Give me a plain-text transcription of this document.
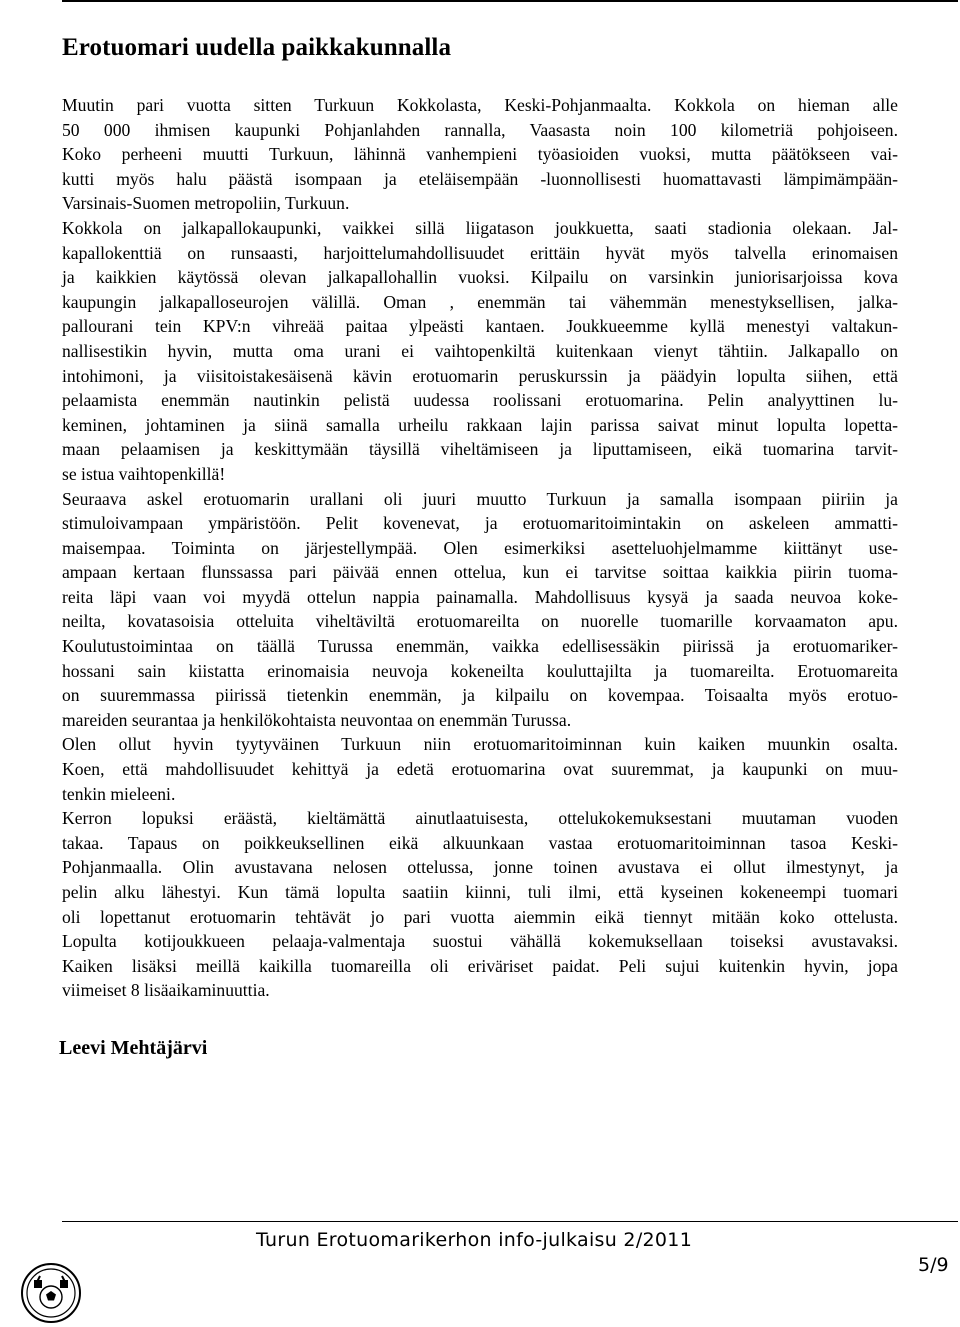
Erotuomari uudella paikkakunnalla
Muutin pari vuotta sitten Turkuun Kokkolasta, Keski-Pohjanmaalta. Kokkola on hieman alle
50 000 ihmisen kaupunki Pohjanlahden rannalla, Vaasasta noin 100 kilometriä pohjoiseen.
Koko perheeni muutti Turkuun, lähinnä vanhempieni työasioiden vuoksi, mutta päätökseen vai-
kutti myös halu päästä isompaan ja eteläisempään -luonnollisesti huomattavasti lämpimämpään-
Varsinais-Suomen metropoliin, Turkuun.
Kokkola on jalkapallokaupunki, vaikkei sillä liigatason joukkuetta, saati stadionia olekaan. Jal-
kapallokenttiä on runsaasti, harjoittelumahdollisuudet erittäin hyvät myös talvella erinomaisen
ja kaikkien käytössä olevan jalkapallohallin vuoksi. Kilpailu on varsinkin juniorisarjoissa kova
kaupungin jalkapalloseurojen välillä. Oman , enemmän tai vähemmän menestyksellisen, jalka-
pallourani tein KPV:n vihreää paitaa ylpeästi kantaen. Joukkueemme kyllä menestyi valtakun-
nallisestikin hyvin, mutta oma urani ei vaihtopenkiltä kuitenkaan vienyt tähtiin. Jalkapallo on
intohimoni, ja viisitoistakesäisenä kävin erotuomarin peruskurssin ja päädyin lopulta siihen, että
pelaamista enemmän nautinkin pelistä uudessa roolissani erotuomarina. Pelin analyyttinen lu-
keminen, johtaminen ja siinä samalla urheilu rakkaan lajin parissa saivat minut lopulta lopetta-
maan pelaamisen ja keskittymään täysillä viheltämiseen ja liputtamiseen, eikä tuomarina tarvit-
se istua vaihtopenkillä!
Seuraava askel erotuomarin urallani oli juuri muutto Turkuun ja samalla isompaan piiriin ja
stimuloivampaan ympäristöön. Pelit kovenevat, ja erotuomaritoimintakin on askeleen ammatti-
maisempaa. Toiminta on järjestellympää. Olen esimerkiksi asetteluohjelmamme kiittänyt use-
ampaan kertaan flunssassa pari päivää ennen ottelua, kun ei tarvitse soittaa kaikkia piirin tuoma-
reita läpi vaan voi myydä ottelun nappia painamalla. Mahdollisuus kysyä ja saada neuvoa koke-
neilta, kovatasoisia otteluita viheltäviltä erotuomareilta on nuorelle tuomarille korvaamaton apu.
Koulutustoimintaa on täällä Turussa enemmän, vaikka edellisessäkin piirissä ja erotuomariker-
hossani sain kiistatta erinomaisia neuvoja kokeneilta kouluttajilta ja tuomareilta. Erotuomareita
on suuremmassa piirissä tietenkin enemmän, ja kilpailu on kovempaa. Toisaalta myös erotuo-
mareiden seurantaa ja henkilökohtaista neuvontaa on enemmän Turussa.
Olen ollut hyvin tyytyväinen Turkuun niin erotuomaritoiminnan kuin kaiken muunkin osalta.
Koen, että mahdollisuudet kehittyä ja edetä erotuomarina ovat suuremmat, ja kaupunki on muu-
tenkin mieleeni.
Kerron lopuksi eräästä, kieltämättä ainutlaatuisesta, ottelukokemuksestani muutaman vuoden
takaa. Tapaus on poikkeuksellinen eikä alkuunkaan vastaa erotuomaritoiminnan tasoa Keski-
Pohjanmaalla. Olin avustavana nelosen ottelussa, jonne toinen avustava ei ollut ilmestynyt, ja
pelin alku lähestyi. Kun tämä lopulta saatiin kiinni, tuli ilmi, että kyseinen kokeneempi tuomari
oli lopettanut erotuomarin tehtävät jo pari vuotta aiemmin eikä tiennyt mitään koko ottelusta.
Lopulta kotijoukkueen pelaaja-valmentaja suostui vähällä kokemuksellaan toiseksi avustavaksi.
Kaiken lisäksi meillä kaikilla tuomareilla oli eriväriset paidat. Peli sujui kuitenkin hyvin, jopa
viimeiset 8 lisäaikaminuuttia.
Leevi Mehtäjärvi
Turun Erotuomarikerhon info-julkaisu 2/2011
5/9
